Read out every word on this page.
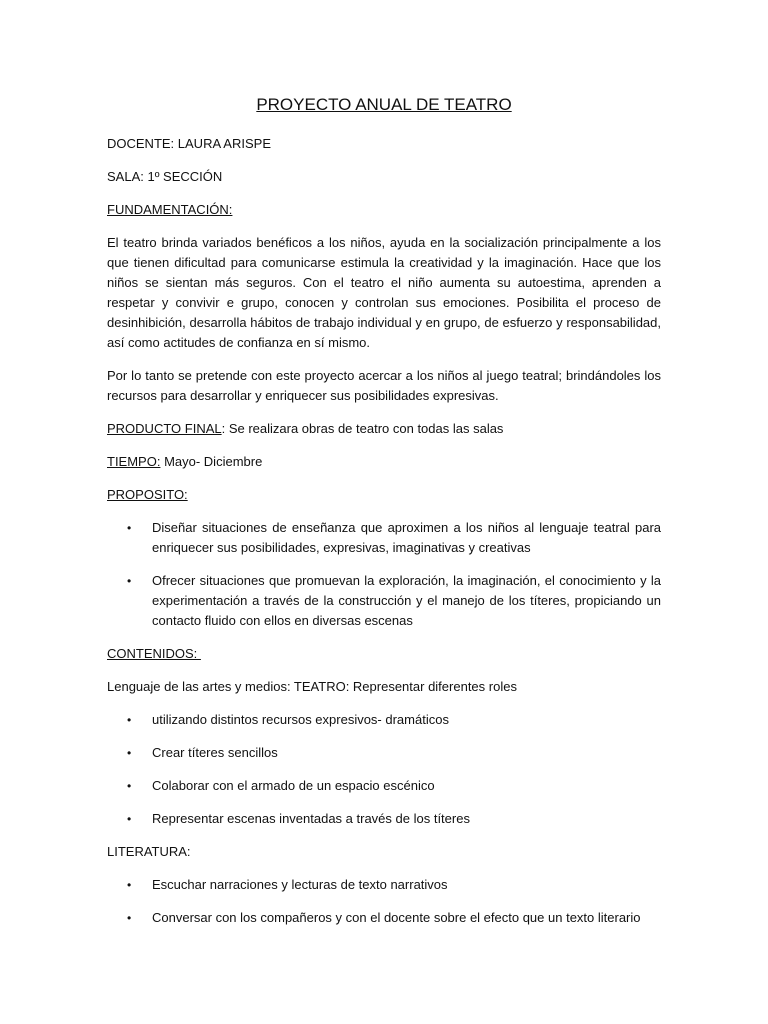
PROYECTO ANUAL DE TEATRO

DOCENTE: LAURA ARISPE

SALA: 1º SECCIÓN

FUNDAMENTACIÓN:

El teatro brinda variados benéficos a los niños, ayuda en la socialización principalmente a los que tienen dificultad para comunicarse estimula la creatividad y la imaginación. Hace que los niños se sientan más seguros. Con el teatro el niño aumenta su autoestima, aprenden a respetar y convivir e grupo, conocen y controlan sus emociones. Posibilita el proceso de desinhibición, desarrolla hábitos de trabajo individual y en grupo, de esfuerzo y responsabilidad, así como actitudes de confianza en sí mismo.

Por lo tanto se pretende con este proyecto acercar a los niños al juego teatral; brindándoles los recursos para desarrollar y enriquecer sus posibilidades expresivas.

PRODUCTO FINAL: Se realizara obras de teatro con todas las salas

TIEMPO: Mayo- Diciembre

PROPOSITO:

• Diseñar situaciones de enseñanza que aproximen a los niños al lenguaje teatral para enriquecer sus posibilidades, expresivas, imaginativas y creativas
• Ofrecer situaciones que promuevan la exploración, la imaginación, el conocimiento y la experimentación a través de la construcción y el manejo de los títeres, propiciando un contacto fluido con ellos en diversas escenas

CONTENIDOS:

Lenguaje de las artes y medios: TEATRO: Representar diferentes roles

• utilizando distintos recursos expresivos- dramáticos
• Crear títeres sencillos
• Colaborar con el armado de un espacio escénico
• Representar escenas inventadas a través de los títeres

LITERATURA:

• Escuchar narraciones y lecturas de texto narrativos
• Conversar con los compañeros y con el docente sobre el efecto que un texto literario
